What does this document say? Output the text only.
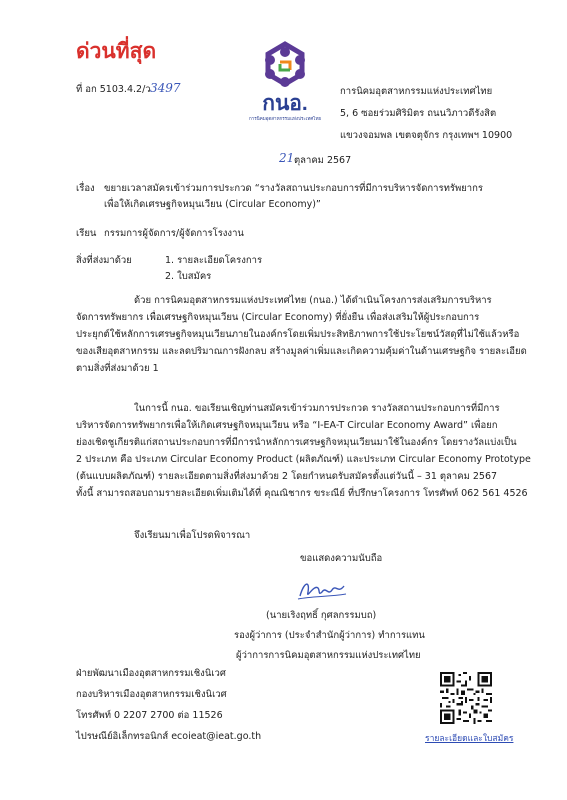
ด่วนที่สุด
ที่ อก 5103.4.2/ว 3497
กนอ.
การนิคมอุตสาหกรรมแห่งประเทศไทย
การนิคมอุตสาหกรรมแห่งประเทศไทย
5, 6 ซอยร่วมศิริมิตร ถนนวิภาวดีรังสิต
แขวงจอมพล เขตจตุจักร กรุงเทพฯ 10900
21 ตุลาคม 2567
เรื่อง ขยายเวลาสมัครเข้าร่วมการประกวด “รางวัลสถานประกอบการที่มีการบริหารจัดการทรัพยากร
เพื่อให้เกิดเศรษฐกิจหมุนเวียน (Circular Economy)”
เรียน กรรมการผู้จัดการ/ผู้จัดการโรงงาน
สิ่งที่ส่งมาด้วย	1. รายละเอียดโครงการ
2. ใบสมัคร
ด้วย การนิคมอุตสาหกรรมแห่งประเทศไทย (กนอ.) ได้ดำเนินโครงการส่งเสริมการบริหาร
จัดการทรัพยากร เพื่อเศรษฐกิจหมุนเวียน (Circular Economy) ที่ยั่งยืน เพื่อส่งเสริมให้ผู้ประกอบการ
ประยุกต์ใช้หลักการเศรษฐกิจหมุนเวียนภายในองค์กรโดยเพิ่มประสิทธิภาพการใช้ประโยชน์วัสดุที่ไม่ใช้แล้วหรือ
ของเสียอุตสาหกรรม และลดปริมาณการฝังกลบ สร้างมูลค่าเพิ่มและเกิดความคุ้มค่าในด้านเศรษฐกิจ รายละเอียด
ตามสิ่งที่ส่งมาด้วย 1
ในการนี้ กนอ. ขอเรียนเชิญท่านสมัครเข้าร่วมการประกวด รางวัลสถานประกอบการที่มีการ
บริหารจัดการทรัพยากรเพื่อให้เกิดเศรษฐกิจหมุนเวียน หรือ “I-EA-T Circular Economy Award” เพื่อยก
ย่องเชิดชูเกียรติแก่สถานประกอบการที่มีการนำหลักการเศรษฐกิจหมุนเวียนมาใช้ในองค์กร โดยรางวัลแบ่งเป็น
2 ประเภท คือ ประเภท Circular Economy Product (ผลิตภัณฑ์) และประเภท Circular Economy Prototype
(ต้นแบบผลิตภัณฑ์) รายละเอียดตามสิ่งที่ส่งมาด้วย 2 โดยกำหนดรับสมัครตั้งแต่วันนี้ – 31 ตุลาคม 2567
ทั้งนี้ สามารถสอบถามรายละเอียดเพิ่มเติมได้ที่ คุณณิชากร ขระณีย์ ที่ปรึกษาโครงการ โทรศัพท์ 062 561 4526
จึงเรียนมาเพื่อโปรดพิจารณา
ขอแสดงความนับถือ
(นายเริงฤทธิ์ กุศลกรรมบถ)
รองผู้ว่าการ (ประจำสำนักผู้ว่าการ) ทำการแทน
ผู้ว่าการการนิคมอุตสาหกรรมแห่งประเทศไทย
ฝ่ายพัฒนาเมืองอุตสาหกรรมเชิงนิเวศ
กองบริหารเมืองอุตสาหกรรมเชิงนิเวศ
โทรศัพท์ 0 2207 2700 ต่อ 11526
ไปรษณีย์อิเล็กทรอนิกส์ ecoieat@ieat.go.th	รายละเอียดและใบสมัคร
